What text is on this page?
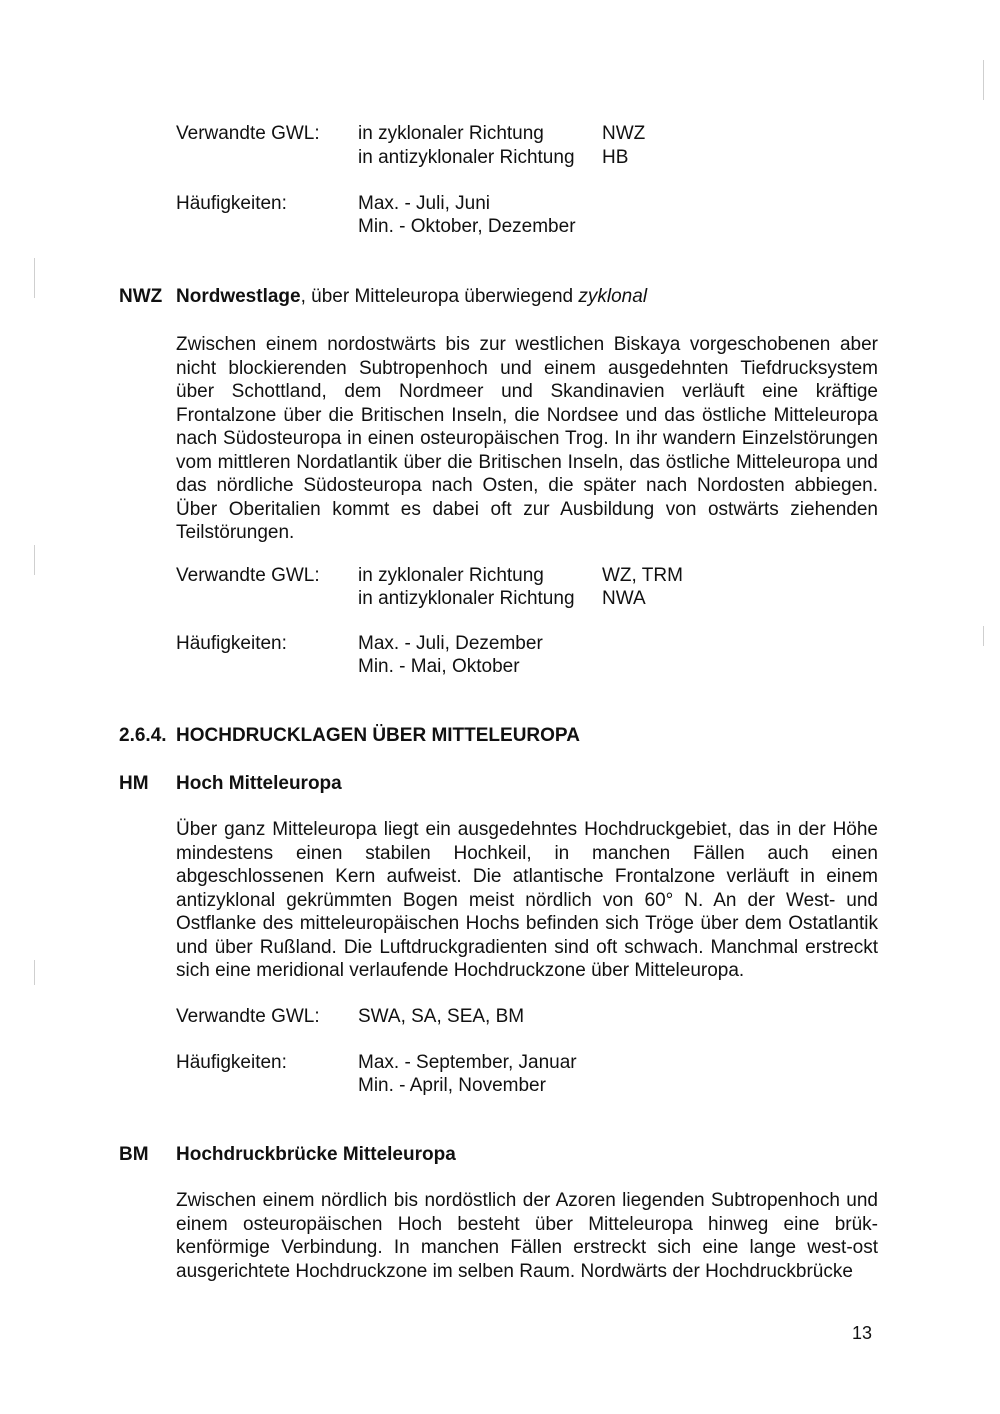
Verwandte GWL: in zyklonaler Richtung	NWZ
in antizyklonaler Richtung HB
Häufigkeiten:	Max. - Juli, Juni
Min. - Oktober, Dezember
NWZ Nordwestlage, über Mitteleuropa überwiegend zyklonal

Zwischen einem nordostwärts bis zur westlichen Biskaya vorgeschobenen aber nicht blockierenden Subtropenhoch und einem ausgedehnten Tiefdrucksystem über Schottland, dem Nordmeer und Skandinavien verläuft eine kräftige Frontalzone über die Britischen Inseln, die Nordsee und das östliche Mitteleuropa nach Südosteuropa in einen osteuropäischen Trog. In ihr wandern Einzelstörungen vom mittleren Nordatlantik über die Britischen Inseln, das östliche Mitteleuropa und das nördliche Südosteuropa nach Osten, die später nach Nordosten abbiegen. Über Oberitalien kommt es dabei oft zur Ausbildung von ostwärts ziehenden Teilstörungen.

Verwandte GWL: in zyklonaler Richtung	WZ, TRM
in antizyklonaler Richtung NWA
Häufigkeiten:	Max. - Juli, Dezember
Min. - Mai, Oktober
2.6.4. HOCHDRUCKLAGEN ÜBER MITTELEUROPA
HM Hoch Mitteleuropa

Über ganz Mitteleuropa liegt ein ausgedehntes Hochdruckgebiet, das in der Höhe mindestens einen stabilen Hochkeil, in manchen Fällen auch einen abgeschlossenen Kern aufweist. Die atlantische Frontalzone verläuft in einem antizyklonal gekrümmten Bogen meist nördlich von 60° N. An der West- und Ostflanke des mitteleuropäischen Hochs befinden sich Tröge über dem Ostatlantik und über Rußland. Die Luftdruckgradienten sind oft schwach. Manchmal erstreckt sich eine meridional verlaufende Hochdruckzone über Mitteleuropa.

Verwandte GWL: SWA, SA, SEA, BM
Häufigkeiten:	Max. - September, Januar
Min. - April, November
BM Hochdruckbrücke Mitteleuropa

Zwischen einem nördlich bis nordöstlich der Azoren liegenden Subtropenhoch und einem osteuropäischen Hoch besteht über Mitteleuropa hinweg eine brükkenförmige Verbindung. In manchen Fällen erstreckt sich eine lange west-ost ausgerichtete Hochdruckzone im selben Raum. Nordwärts der Hochdruckbrücke

13
